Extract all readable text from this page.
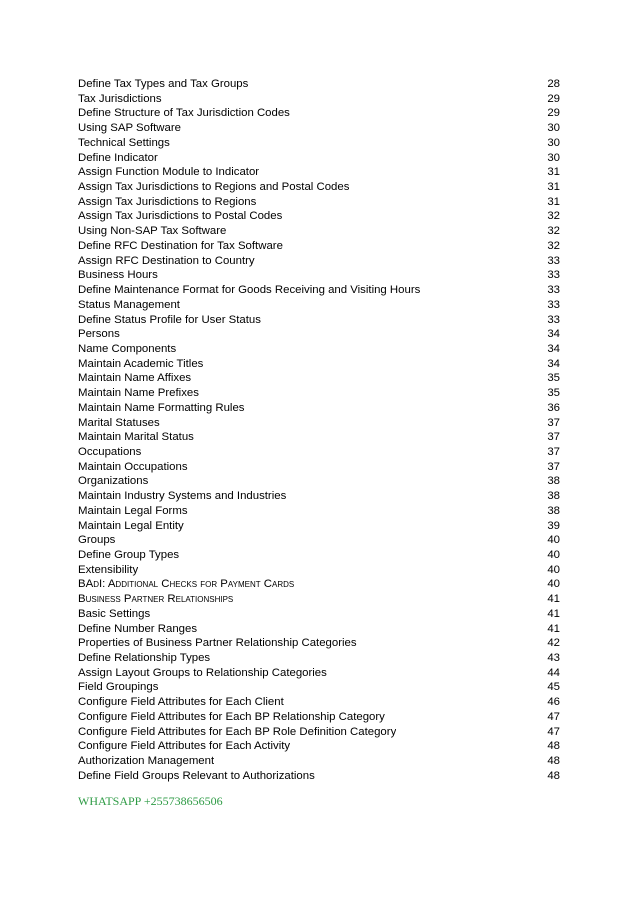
Define Tax Types and Tax Groups	28
Tax Jurisdictions	29
Define Structure of Tax Jurisdiction Codes	29
Using SAP Software	30
Technical Settings	30
Define Indicator	30
Assign Function Module to Indicator	31
Assign Tax Jurisdictions to Regions and Postal Codes	31
Assign Tax Jurisdictions to Regions	31
Assign Tax Jurisdictions to Postal Codes	32
Using Non-SAP Tax Software	32
Define RFC Destination for Tax Software	32
Assign RFC Destination to Country	33
Business Hours	33
Define Maintenance Format for Goods Receiving and Visiting Hours	33
Status Management	33
Define Status Profile for User Status	33
Persons	34
Name Components	34
Maintain Academic Titles	34
Maintain Name Affixes	35
Maintain Name Prefixes	35
Maintain Name Formatting Rules	36
Marital Statuses	37
Maintain Marital Status	37
Occupations	37
Maintain Occupations	37
Organizations	38
Maintain Industry Systems and Industries	38
Maintain Legal Forms	38
Maintain Legal Entity	39
Groups	40
Define Group Types	40
Extensibility	40
BAdI: Additional Checks for Payment Cards	40
Business Partner Relationships	41
Basic Settings	41
Define Number Ranges	41
Properties of Business Partner Relationship Categories	42
Define Relationship Types	43
Assign Layout Groups to Relationship Categories	44
Field Groupings	45
Configure Field Attributes for Each Client	46
Configure Field Attributes for Each BP Relationship Category	47
Configure Field Attributes for Each BP Role Definition Category	47
Configure Field Attributes for Each Activity	48
Authorization Management	48
Define Field Groups Relevant to Authorizations	48
WHATSAPP +255738656506
